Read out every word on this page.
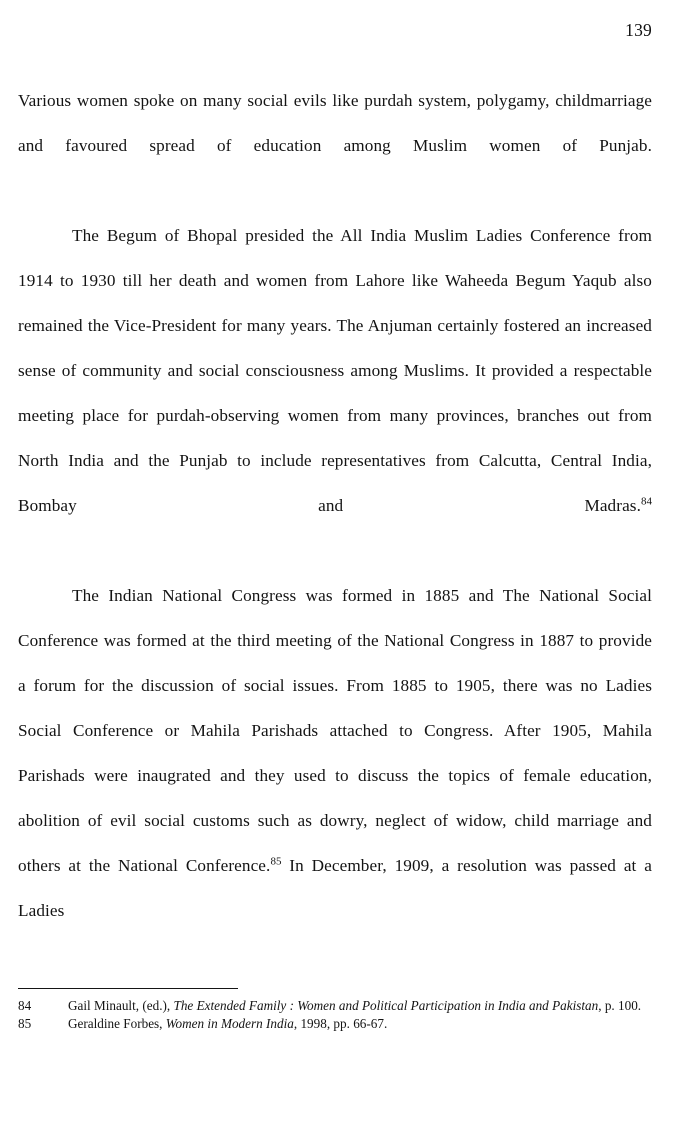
139

Various women spoke on many social evils like purdah system, polygamy, childmarriage and favoured spread of education among Muslim women of Punjab.

The Begum of Bhopal presided the All India Muslim Ladies Conference from 1914 to 1930 till her death and women from Lahore like Waheeda Begum Yaqub also remained the Vice-President for many years. The Anjuman certainly fostered an increased sense of community and social consciousness among Muslims. It provided a respectable meeting place for purdah-observing women from many provinces, branches out from North India and the Punjab to include representatives from Calcutta, Central India, Bombay and Madras.$^{84}$

The Indian National Congress was formed in 1885 and The National Social Conference was formed at the third meeting of the National Congress in 1887 to provide a forum for the discussion of social issues. From 1885 to 1905, there was no Ladies Social Conference or Mahila Parishads attached to Congress. After 1905, Mahila Parishads were inaugrated and they used to discuss the topics of female education, abolition of evil social customs such as dowry, neglect of widow, child marriage and others at the National Conference.$^{85}$ In December, 1909, a resolution was passed at a Ladies

84	Gail Minault, (ed.), The Extended Family : Women and Political Participation in India and Pakistan, p. 100.
85	Geraldine Forbes, Women in Modern India, 1998, pp. 66-67.
